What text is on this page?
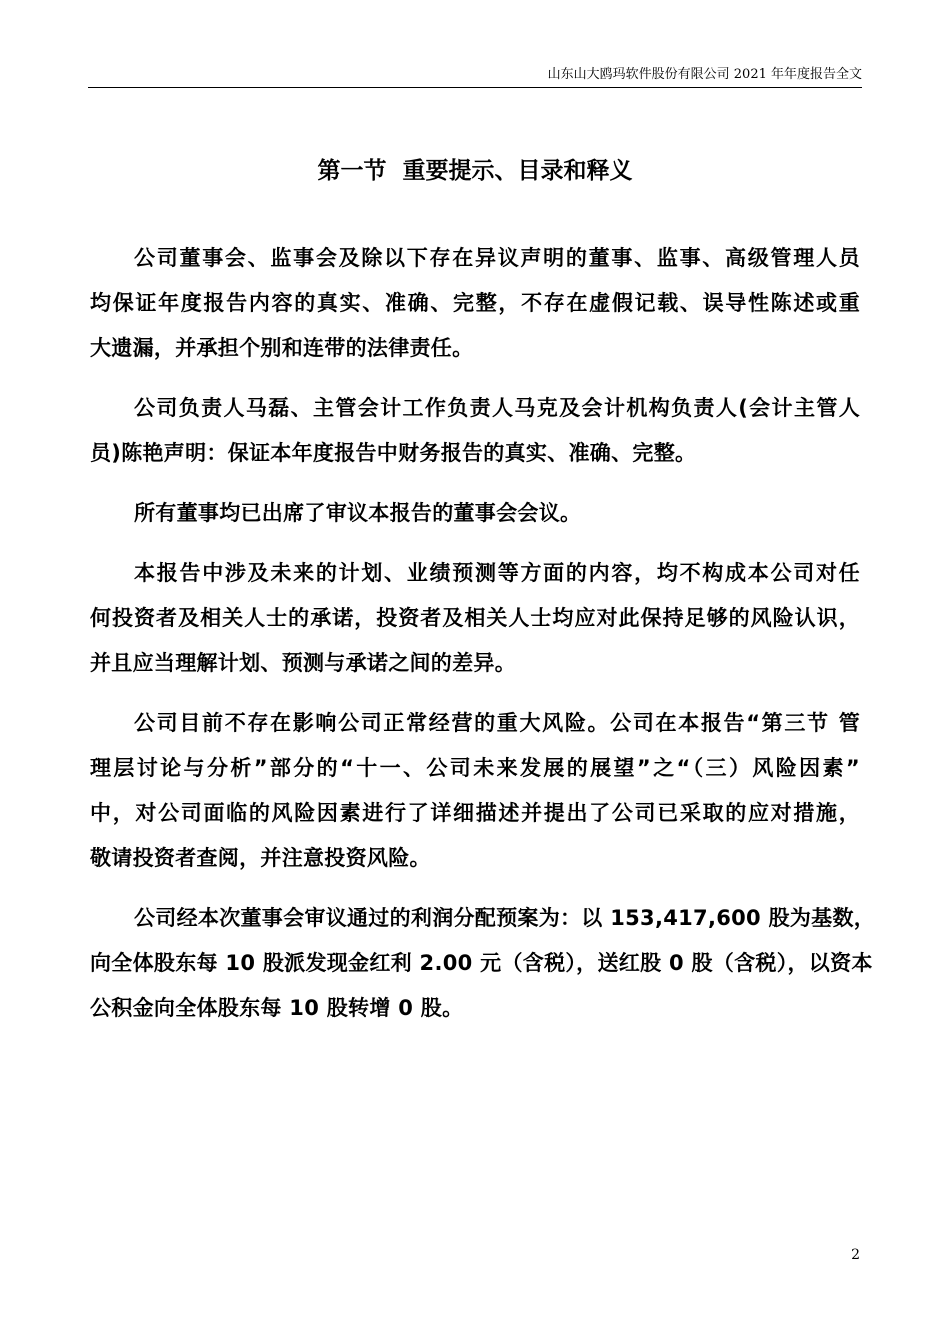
山东山大鸥玛软件股份有限公司 2021 年年度报告全文
第一节  重要提示、目录和释义

公司董事会、监事会及除以下存在异议声明的董事、监事、高级管理人员
均保证年度报告内容的真实、准确、完整，不存在虚假记载、误导性陈述或重
大遗漏，并承担个别和连带的法律责任。

公司负责人马磊、主管会计工作负责人马克及会计机构负责人(会计主管人
员)陈艳声明：保证本年度报告中财务报告的真实、准确、完整。

所有董事均已出席了审议本报告的董事会会议。

本报告中涉及未来的计划、业绩预测等方面的内容，均不构成本公司对任
何投资者及相关人士的承诺，投资者及相关人士均应对此保持足够的风险认识，
并且应当理解计划、预测与承诺之间的差异。

公司目前不存在影响公司正常经营的重大风险。公司在本报告“第三节 管
理层讨论与分析”部分的“十一、公司未来发展的展望”之“（三）风险因素”
中，对公司面临的风险因素进行了详细描述并提出了公司已采取的应对措施，
敬请投资者查阅，并注意投资风险。

公司经本次董事会审议通过的利润分配预案为：以 153,417,600 股为基数，
向全体股东每 10 股派发现金红利 2.00 元（含税），送红股 0 股（含税），以资本
公积金向全体股东每 10 股转增 0 股。

2
